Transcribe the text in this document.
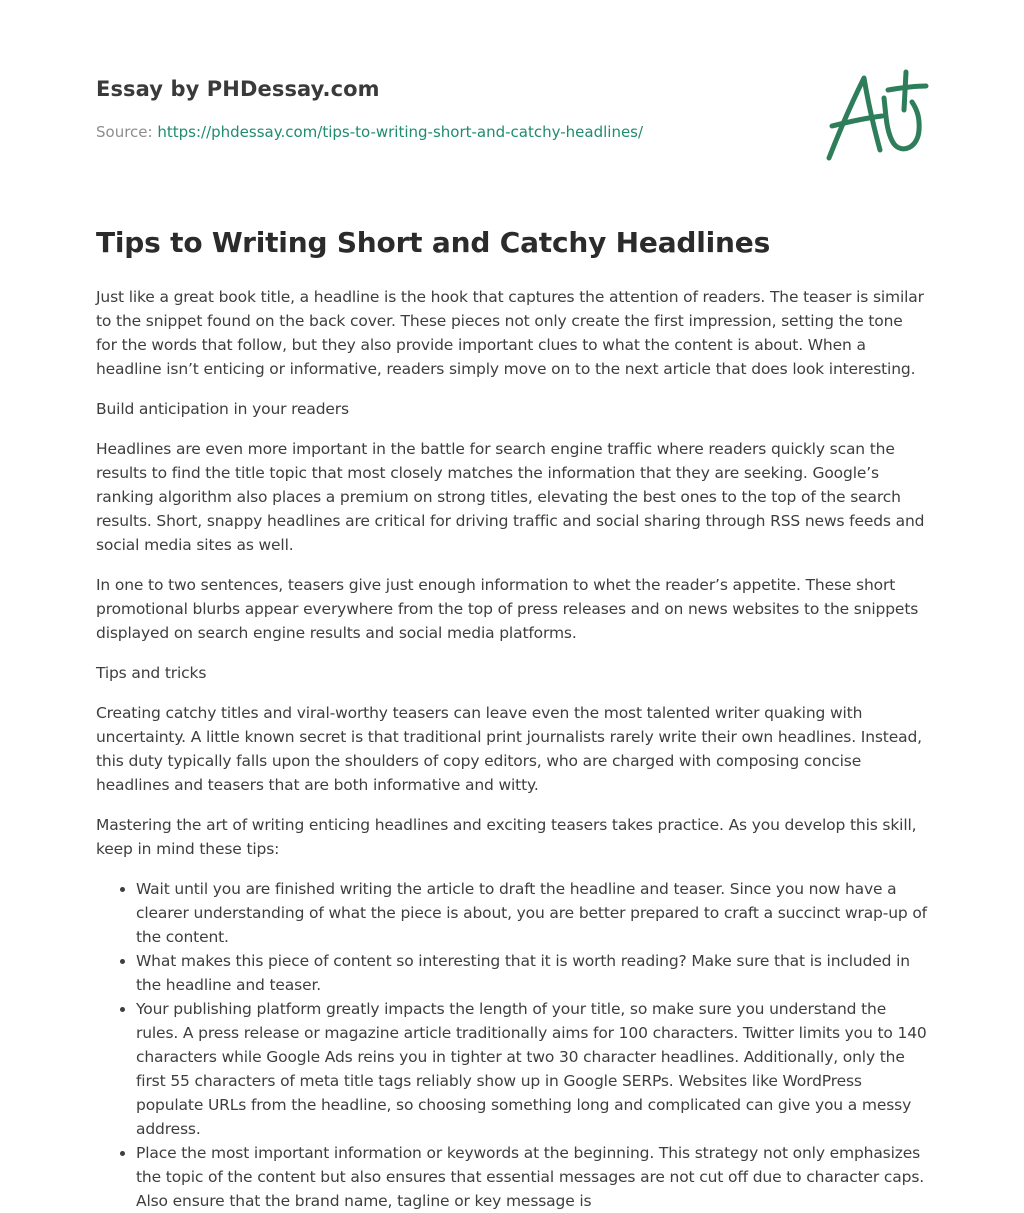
Essay by PHDessay.com
Source: https://phdessay.com/tips-to-writing-short-and-catchy-headlines/
Tips to Writing Short and Catchy Headlines

Just like a great book title, a headline is the hook that captures the attention of readers. The teaser is similar to the snippet found on the back cover. These pieces not only create the first impression, setting the tone for the words that follow, but they also provide important clues to what the content is about. When a headline isn’t enticing or informative, readers simply move on to the next article that does look interesting.

Build anticipation in your readers

Headlines are even more important in the battle for search engine traffic where readers quickly scan the results to find the title topic that most closely matches the information that they are seeking. Google’s ranking algorithm also places a premium on strong titles, elevating the best ones to the top of the search results. Short, snappy headlines are critical for driving traffic and social sharing through RSS news feeds and social media sites as well.

In one to two sentences, teasers give just enough information to whet the reader’s appetite. These short promotional blurbs appear everywhere from the top of press releases and on news websites to the snippets displayed on search engine results and social media platforms.

Tips and tricks

Creating catchy titles and viral-worthy teasers can leave even the most talented writer quaking with uncertainty. A little known secret is that traditional print journalists rarely write their own headlines. Instead, this duty typically falls upon the shoulders of copy editors, who are charged with composing concise headlines and teasers that are both informative and witty.

Mastering the art of writing enticing headlines and exciting teasers takes practice. As you develop this skill, keep in mind these tips:

• Wait until you are finished writing the article to draft the headline and teaser. Since you now have a clearer understanding of what the piece is about, you are better prepared to craft a succinct wrap-up of the content.
• What makes this piece of content so interesting that it is worth reading? Make sure that is included in the headline and teaser.
• Your publishing platform greatly impacts the length of your title, so make sure you understand the rules. A press release or magazine article traditionally aims for 100 characters. Twitter limits you to 140 characters while Google Ads reins you in tighter at two 30 character headlines. Additionally, only the first 55 characters of meta title tags reliably show up in Google SERPs. Websites like WordPress populate URLs from the headline, so choosing something long and complicated can give you a messy address.
• Place the most important information or keywords at the beginning. This strategy not only emphasizes the topic of the content but also ensures that essential messages are not cut off due to character caps. Also ensure that the brand name, tagline or key message is
